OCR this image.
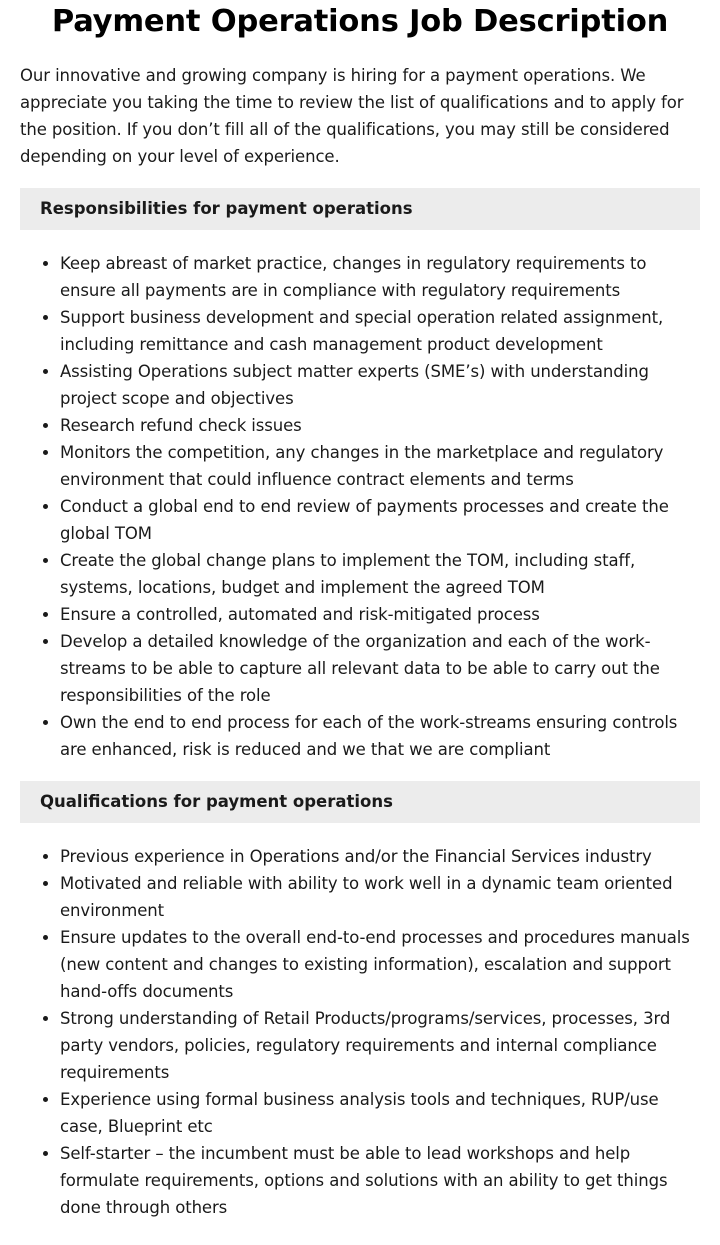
Payment Operations Job Description

Our innovative and growing company is hiring for a payment operations. We appreciate you taking the time to review the list of qualifications and to apply for the position. If you don’t fill all of the qualifications, you may still be considered depending on your level of experience.

Responsibilities for payment operations
• Keep abreast of market practice, changes in regulatory requirements to ensure all payments are in compliance with regulatory requirements
• Support business development and special operation related assignment, including remittance and cash management product development
• Assisting Operations subject matter experts (SME’s) with understanding project scope and objectives
• Research refund check issues
• Monitors the competition, any changes in the marketplace and regulatory environment that could influence contract elements and terms
• Conduct a global end to end review of payments processes and create the global TOM
• Create the global change plans to implement the TOM, including staff, systems, locations, budget and implement the agreed TOM
• Ensure a controlled, automated and risk-mitigated process
• Develop a detailed knowledge of the organization and each of the work-streams to be able to capture all relevant data to be able to carry out the responsibilities of the role
• Own the end to end process for each of the work-streams ensuring controls are enhanced, risk is reduced and we that we are compliant
Qualifications for payment operations
• Previous experience in Operations and/or the Financial Services industry
• Motivated and reliable with ability to work well in a dynamic team oriented environment
• Ensure updates to the overall end-to-end processes and procedures manuals (new content and changes to existing information), escalation and support hand-offs documents
• Strong understanding of Retail Products/programs/services, processes, 3rd party vendors, policies, regulatory requirements and internal compliance requirements
• Experience using formal business analysis tools and techniques, RUP/use case, Blueprint etc
• Self-starter – the incumbent must be able to lead workshops and help formulate requirements, options and solutions with an ability to get things done through others
